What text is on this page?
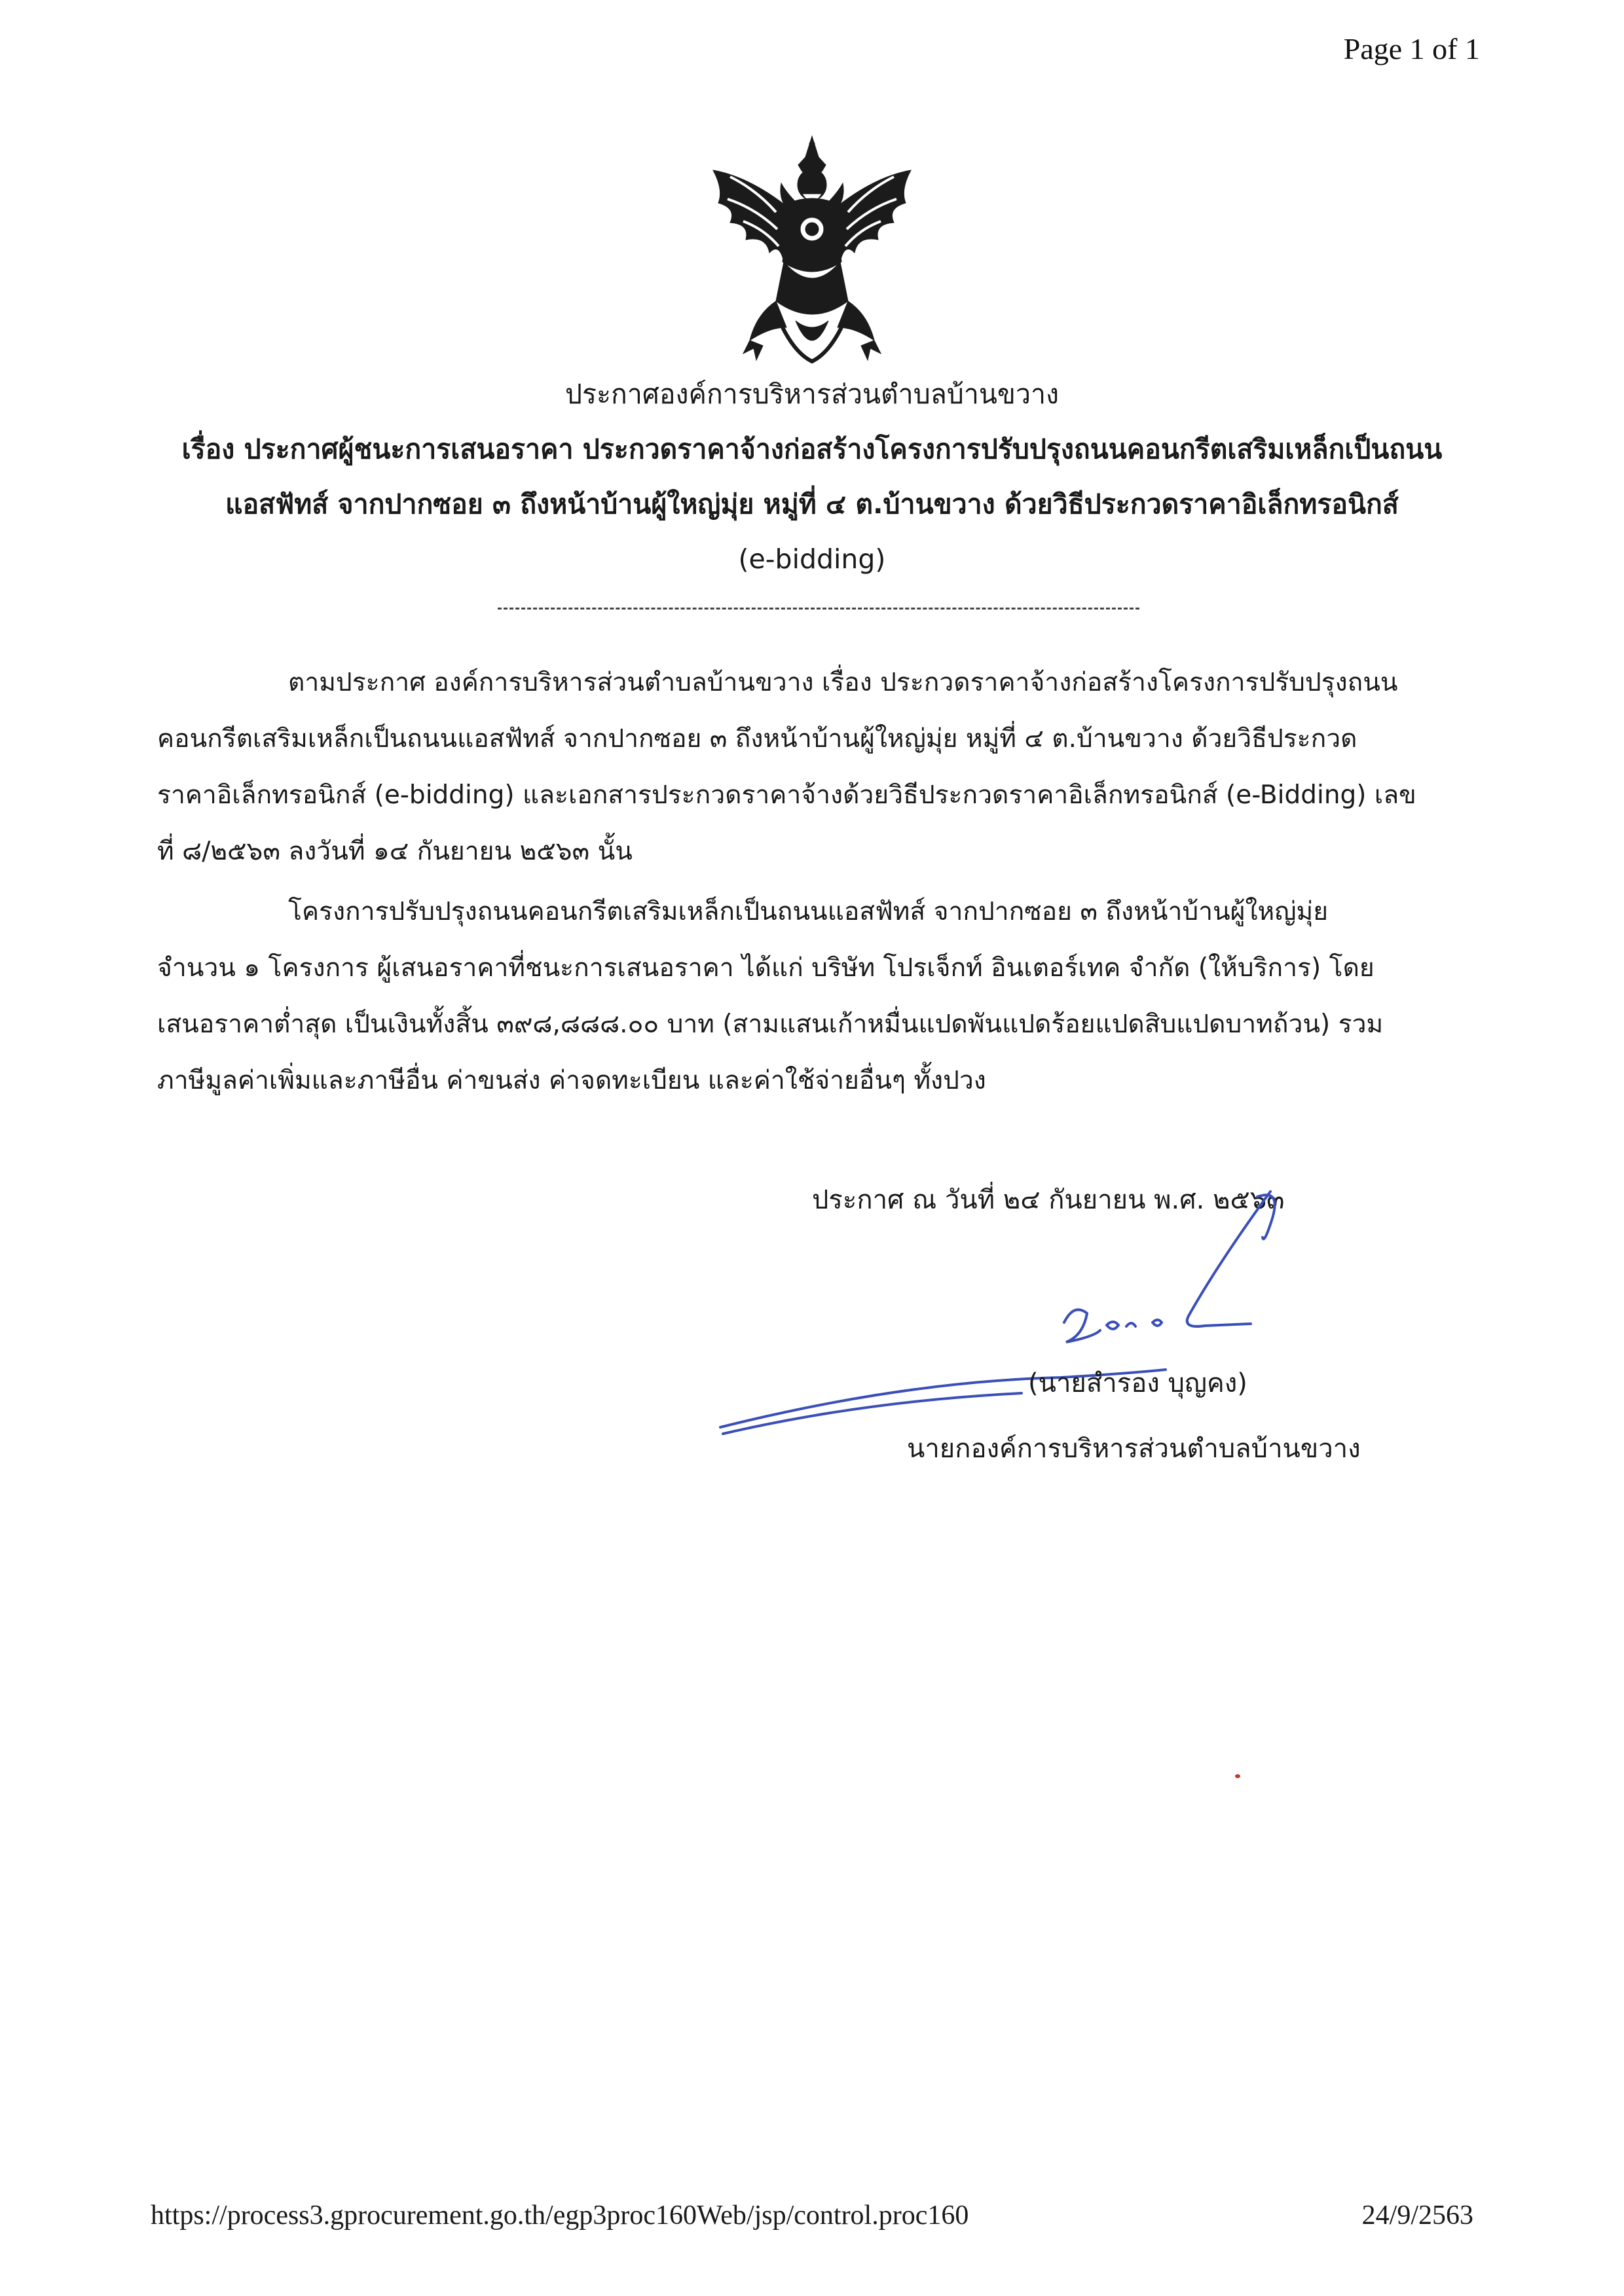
Page 1 of 1
ประกาศองค์การบริหารส่วนตำบลบ้านขวาง
เรื่อง ประกาศผู้ชนะการเสนอราคา ประกวดราคาจ้างก่อสร้างโครงการปรับปรุงถนนคอนกรีตเสริมเหล็กเป็นถนน
แอสฟัทส์ จากปากซอย ๓ ถึงหน้าบ้านผู้ใหญ่มุ่ย หมู่ที่ ๔ ต.บ้านขวาง ด้วยวิธีประกวดราคาอิเล็กทรอนิกส์
(e-bidding)
ตามประกาศ องค์การบริหารส่วนตำบลบ้านขวาง เรื่อง ประกวดราคาจ้างก่อสร้างโครงการปรับปรุงถนน
คอนกรีตเสริมเหล็กเป็นถนนแอสฟัทส์ จากปากซอย ๓ ถึงหน้าบ้านผู้ใหญ่มุ่ย หมู่ที่ ๔ ต.บ้านขวาง ด้วยวิธีประกวด
ราคาอิเล็กทรอนิกส์ (e-bidding) และเอกสารประกวดราคาจ้างด้วยวิธีประกวดราคาอิเล็กทรอนิกส์ (e-Bidding) เลข
ที่ ๘/๒๕๖๓ ลงวันที่ ๑๔ กันยายน ๒๕๖๓ นั้น
โครงการปรับปรุงถนนคอนกรีตเสริมเหล็กเป็นถนนแอสฟัทส์ จากปากซอย ๓ ถึงหน้าบ้านผู้ใหญ่มุ่ย
จำนวน ๑ โครงการ ผู้เสนอราคาที่ชนะการเสนอราคา ได้แก่ บริษัท โปรเจ็กท์ อินเตอร์เทค จำกัด (ให้บริการ) โดย
เสนอราคาต่ำสุด เป็นเงินทั้งสิ้น ๓๙๘,๘๘๘.๐๐ บาท (สามแสนเก้าหมื่นแปดพันแปดร้อยแปดสิบแปดบาทถ้วน) รวม
ภาษีมูลค่าเพิ่มและภาษีอื่น ค่าขนส่ง ค่าจดทะเบียน และค่าใช้จ่ายอื่นๆ ทั้งปวง
ประกาศ ณ วันที่ ๒๔ กันยายน พ.ศ. ๒๕๖๓
(นายสำรอง บุญคง)
นายกองค์การบริหารส่วนตำบลบ้านขวาง
https://process3.gprocurement.go.th/egp3proc160Web/jsp/control.proc160	24/9/2563
